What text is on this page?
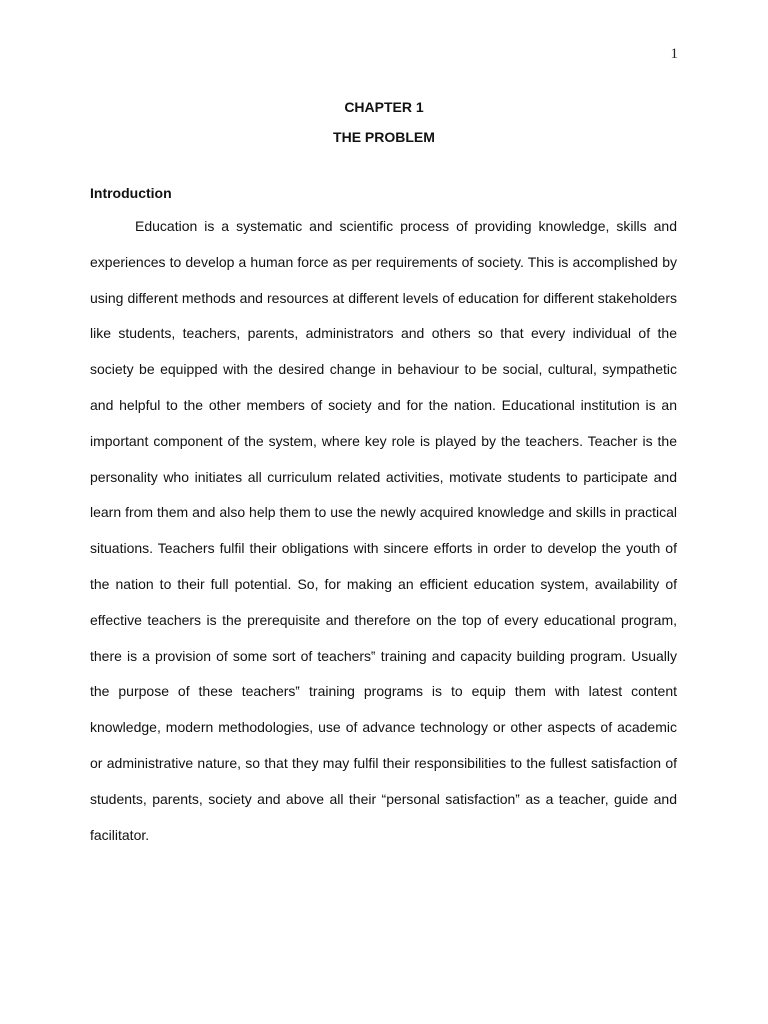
1
CHAPTER 1
THE PROBLEM
Introduction

Education is a systematic and scientific process of providing knowledge, skills and experiences to develop a human force as per requirements of society. This is accomplished by using different methods and resources at different levels of education for different stakeholders like students, teachers, parents, administrators and others so that every individual of the society be equipped with the desired change in behaviour to be social, cultural, sympathetic and helpful to the other members of society and for the nation. Educational institution is an important component of the system, where key role is played by the teachers. Teacher is the personality who initiates all curriculum related activities, motivate students to participate and learn from them and also help them to use the newly acquired knowledge and skills in practical situations. Teachers fulfil their obligations with sincere efforts in order to develop the youth of the nation to their full potential. So, for making an efficient education system, availability of effective teachers is the prerequisite and therefore on the top of every educational program, there is a provision of some sort of teachers‟ training and capacity building program. Usually the purpose of these teachers‟ training programs is to equip them with latest content knowledge, modern methodologies, use of advance technology or other aspects of academic or administrative nature, so that they may fulfil their responsibilities to the fullest satisfaction of students, parents, society and above all their “personal satisfaction‟ as a teacher, guide and facilitator.
